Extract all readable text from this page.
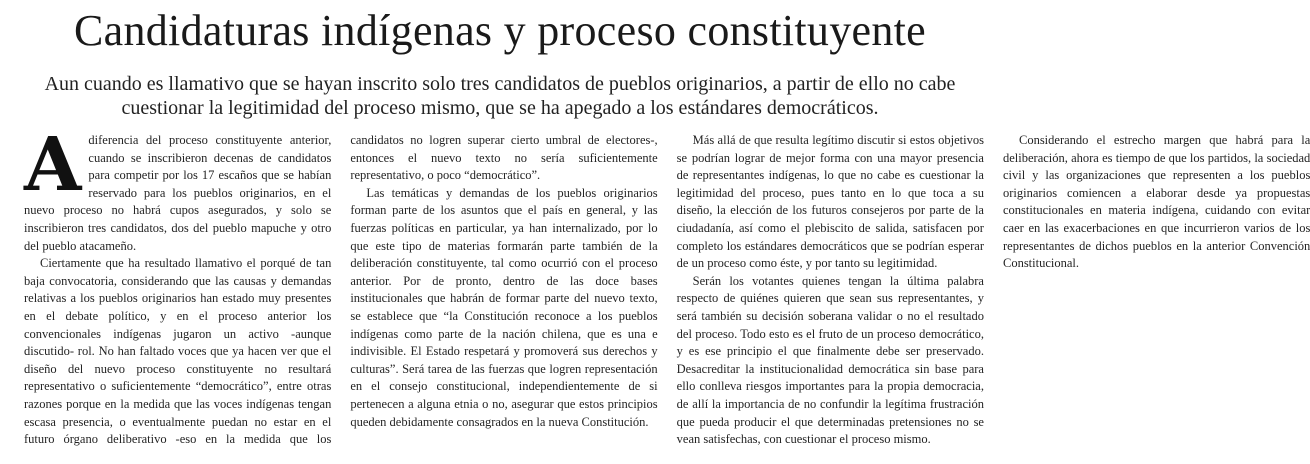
Candidaturas indígenas y proceso constituyente

Aun cuando es llamativo que se hayan inscrito solo tres candidatos de pueblos originarios, a partir de ello no cabe cuestionar la legitimidad del proceso mismo, que se ha apegado a los estándares democráticos.

Adiferencia del proceso constituyente anterior, cuando se inscribieron decenas de candidatos para competir por los 17 escaños que se habían reservado para los pueblos originarios, en el nuevo proceso no habrá cupos asegurados, y solo se inscribieron tres candidatos, dos del pueblo mapuche y otro del pueblo atacameño.

Ciertamente que ha resultado llamativo el porqué de tan baja convocatoria, considerando que las causas y demandas relativas a los pueblos originarios han estado muy presentes en el debate político, y en el proceso anterior los convencionales indígenas jugaron un activo -aunque discutido- rol. No han faltado voces que ya hacen ver que el diseño del nuevo proceso constituyente no resultará representativo o suficientemente “democrático”, entre otras razones porque en la medida que las voces indígenas tengan escasa presencia, o eventualmente puedan no estar en el futuro órgano deliberativo -eso en la medida que los candidatos no logren superar cierto umbral de electores-, entonces el nuevo texto no sería suficientemente representativo, o poco “democrático”.

Las temáticas y demandas de los pueblos originarios forman parte de los asuntos que el país en general, y las fuerzas políticas en particular, ya han internalizado, por lo que este tipo de materias formarán parte también de la deliberación constituyente, tal como ocurrió con el proceso anterior. Por de pronto, dentro de las doce bases institucionales que habrán de formar parte del nuevo texto, se establece que “la Constitución reconoce a los pueblos indígenas como parte de la nación chilena, que es una e indivisible. El Estado respetará y promoverá sus derechos y culturas”. Será tarea de las fuerzas que logren representación en el consejo constitucional, independientemente de si pertenecen a alguna etnia o no, asegurar que estos principios queden debidamente consagrados en la nueva Constitución.

Más allá de que resulta legítimo discutir si estos objetivos se podrían lograr de mejor forma con una mayor presencia de representantes indígenas, lo que no cabe es cuestionar la legitimidad del proceso, pues tanto en lo que toca a su diseño, la elección de los futuros consejeros por parte de la ciudadanía, así como el plebiscito de salida, satisfacen por completo los estándares democráticos que se podrían esperar de un proceso como éste, y por tanto su legitimidad.

Serán los votantes quienes tengan la última palabra respecto de quiénes quieren que sean sus representantes, y será también su decisión soberana validar o no el resultado del proceso. Todo esto es el fruto de un proceso democrático, y es ese principio el que finalmente debe ser preservado. Desacreditar la institucionalidad democrática sin base para ello conlleva riesgos importantes para la propia democracia, de allí la importancia de no confundir la legítima frustración que pueda producir el que determinadas pretensiones no se vean satisfechas, con cuestionar el proceso mismo.

Considerando el estrecho margen que habrá para la deliberación, ahora es tiempo de que los partidos, la sociedad civil y las organizaciones que representen a los pueblos originarios comiencen a elaborar desde ya propuestas constitucionales en materia indígena, cuidando con evitar caer en las exacerbaciones en que incurrieron varios de los representantes de dichos pueblos en la anterior Convención Constitucional.
